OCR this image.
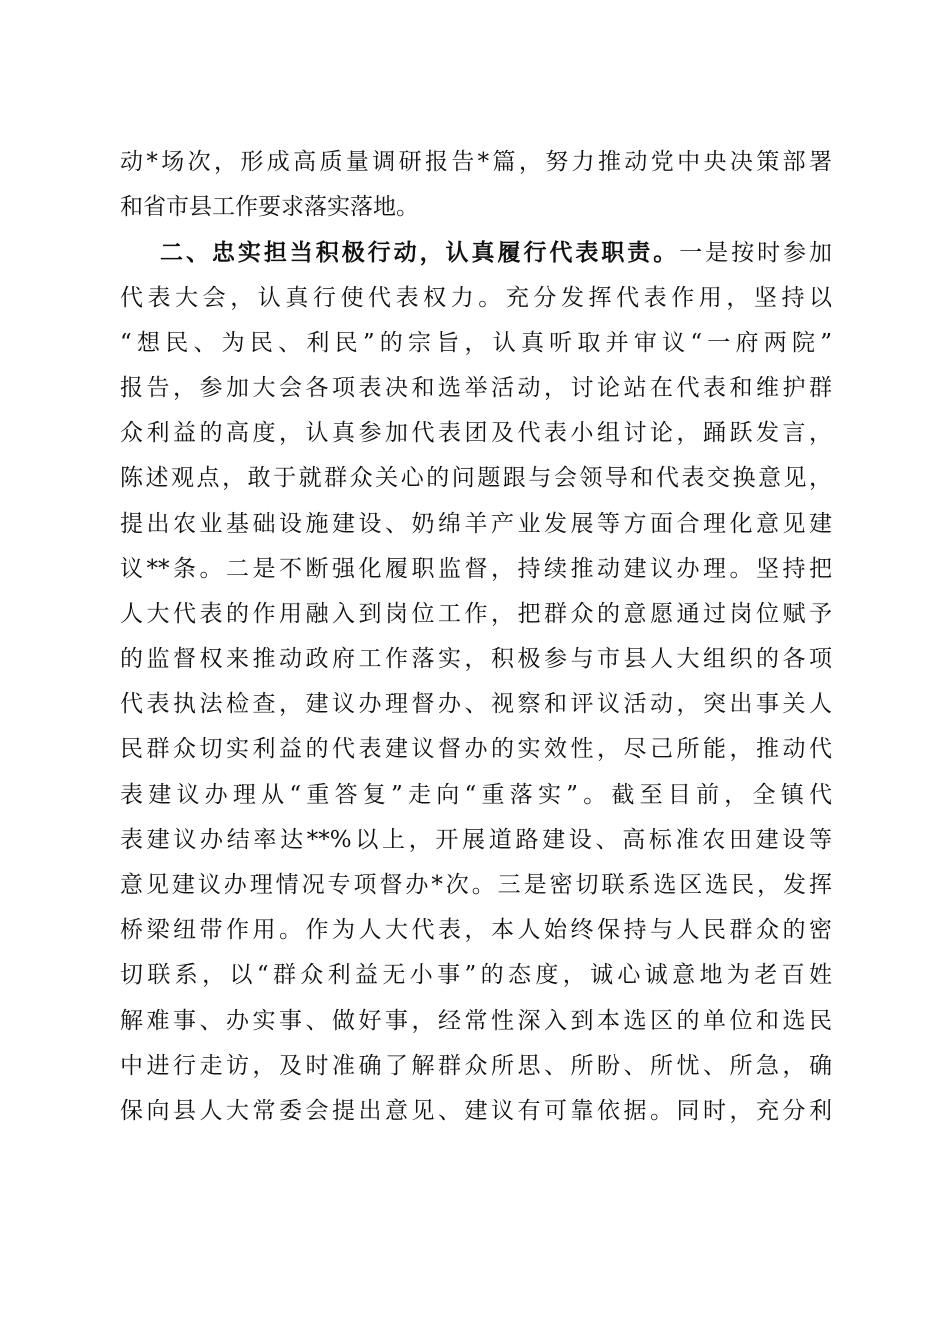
动*场次，形成高质量调研报告*篇，努力推动党中央决策部署
和省市县工作要求落实落地。
二、忠实担当积极行动，认真履行代表职责。一是按时参加
代表大会，认真行使代表权力。充分发挥代表作用，坚持以
“想民、为民、利民”的宗旨，认真听取并审议“一府两院”
报告，参加大会各项表决和选举活动，讨论站在代表和维护群
众利益的高度，认真参加代表团及代表小组讨论，踊跃发言，
陈述观点，敢于就群众关心的问题跟与会领导和代表交换意见，
提出农业基础设施建设、奶绵羊产业发展等方面合理化意见建
议**条。二是不断强化履职监督，持续推动建议办理。坚持把
人大代表的作用融入到岗位工作，把群众的意愿通过岗位赋予
的监督权来推动政府工作落实，积极参与市县人大组织的各项
代表执法检查，建议办理督办、视察和评议活动，突出事关人
民群众切实利益的代表建议督办的实效性，尽己所能，推动代
表建议办理从“重答复”走向“重落实”。截至目前，全镇代
表建议办结率达**%以上，开展道路建设、高标准农田建设等
意见建议办理情况专项督办*次。三是密切联系选区选民，发挥
桥梁纽带作用。作为人大代表，本人始终保持与人民群众的密
切联系，以“群众利益无小事”的态度，诚心诚意地为老百姓
解难事、办实事、做好事，经常性深入到本选区的单位和选民
中进行走访，及时准确了解群众所思、所盼、所忧、所急，确
保向县人大常委会提出意见、建议有可靠依据。同时，充分利
